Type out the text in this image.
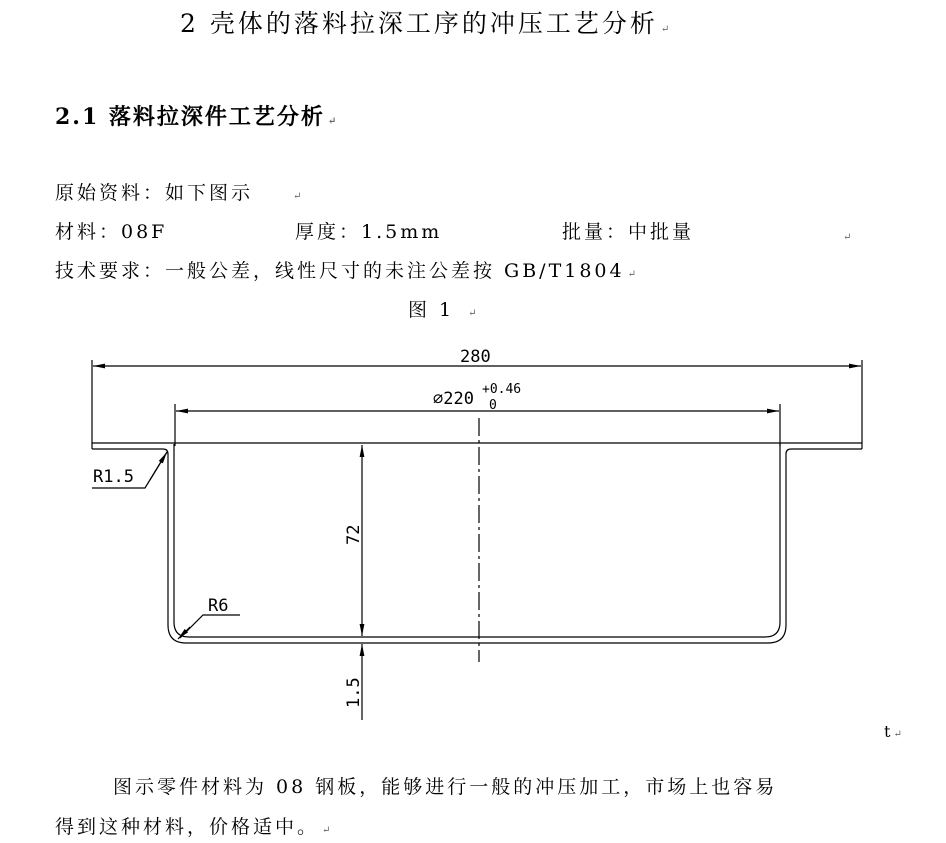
2 壳体的落料拉深工序的冲压工艺分析 ↵
2.1 落料拉深件工艺分析 ↵
原始资料：如下图示	↵
材料：08F	厚度：1.5mm	批量：中批量	↵
技术要求：一般公差，线性尺寸的未注公差按 GB/T1804 ↵
图 1 ↵
280
⌀220 +0.46
0
72
1.5
R1.5
R6
t ↵
图示零件材料为 08 钢板，能够进行一般的冲压加工，市场上也容易
得到这种材料，价格适中。 ↵
